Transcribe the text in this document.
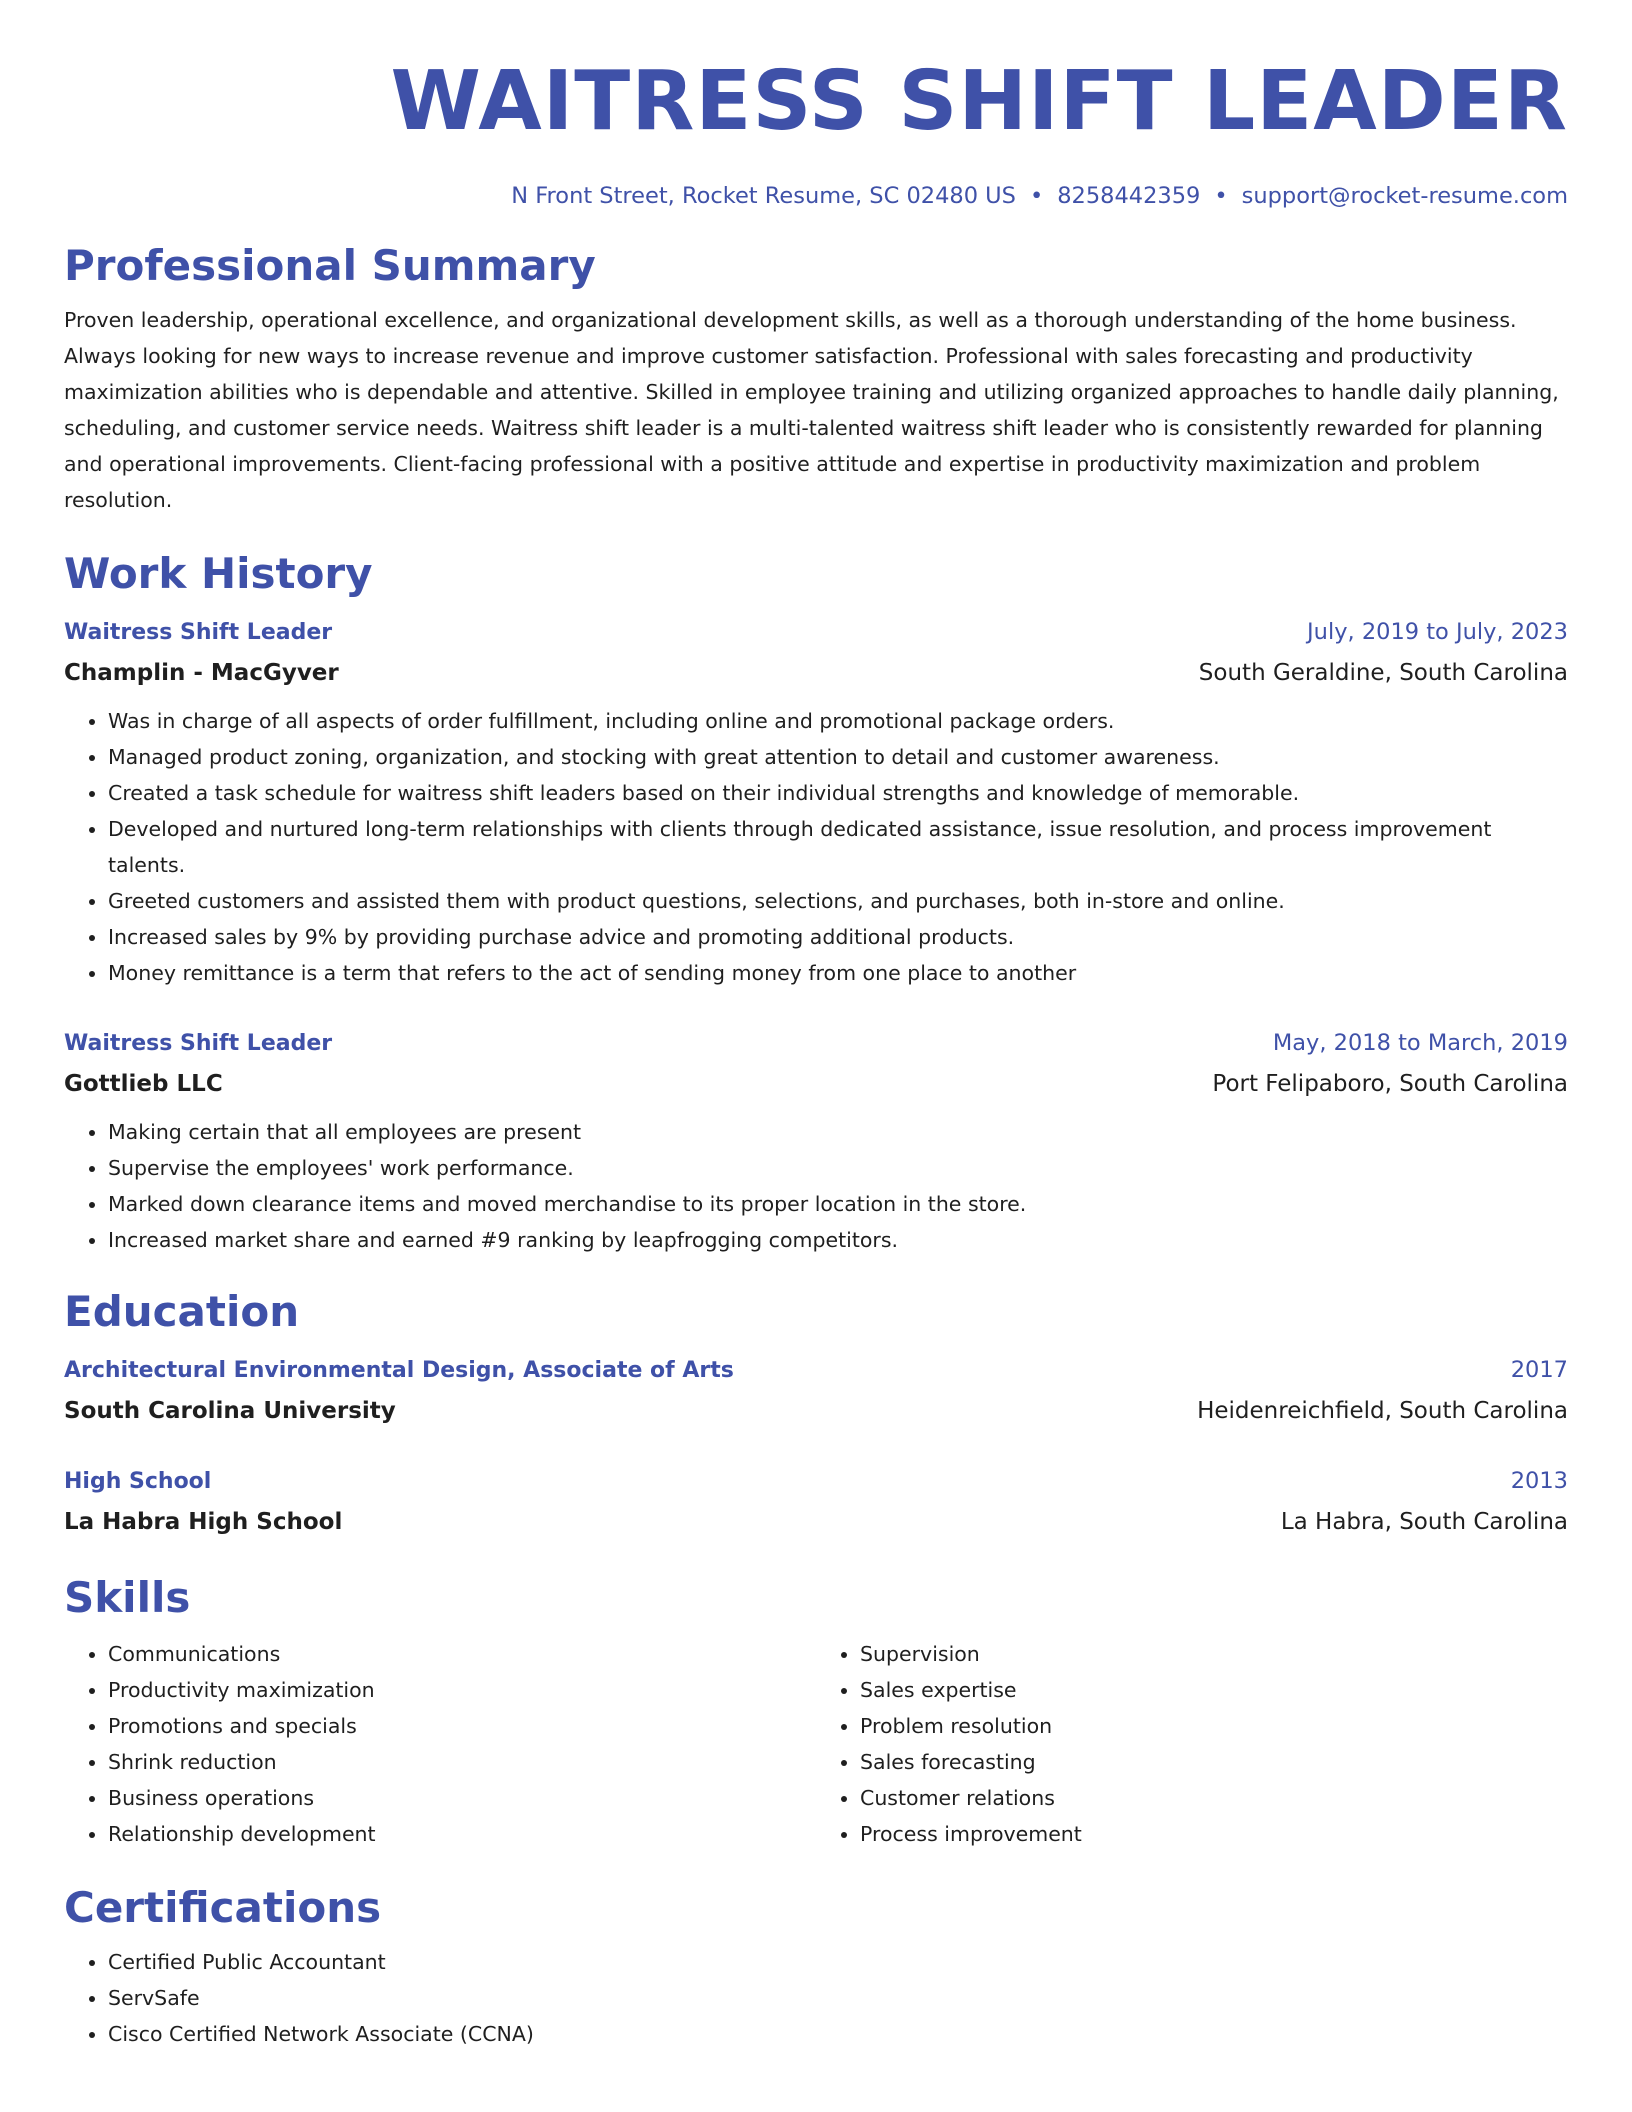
WAITRESS SHIFT LEADER
N Front Street, Rocket Resume, SC 02480 US • 8258442359 • support@rocket-resume.com
Professional Summary
Proven leadership, operational excellence, and organizational development skills, as well as a thorough understanding of the home business. Always looking for new ways to increase revenue and improve customer satisfaction. Professional with sales forecasting and productivity maximization abilities who is dependable and attentive. Skilled in employee training and utilizing organized approaches to handle daily planning, scheduling, and customer service needs. Waitress shift leader is a multi-talented waitress shift leader who is consistently rewarded for planning and operational improvements. Client-facing professional with a positive attitude and expertise in productivity maximization and problem resolution.
Work History
Waitress Shift Leader	July, 2019 to July, 2023
Champlin - MacGyver	South Geraldine, South Carolina
• Was in charge of all aspects of order fulfillment, including online and promotional package orders.
• Managed product zoning, organization, and stocking with great attention to detail and customer awareness.
• Created a task schedule for waitress shift leaders based on their individual strengths and knowledge of memorable.
• Developed and nurtured long-term relationships with clients through dedicated assistance, issue resolution, and process improvement talents.
• Greeted customers and assisted them with product questions, selections, and purchases, both in-store and online.
• Increased sales by 9% by providing purchase advice and promoting additional products.
• Money remittance is a term that refers to the act of sending money from one place to another
Waitress Shift Leader	May, 2018 to March, 2019
Gottlieb LLC	Port Felipaboro, South Carolina
• Making certain that all employees are present
• Supervise the employees' work performance.
• Marked down clearance items and moved merchandise to its proper location in the store.
• Increased market share and earned #9 ranking by leapfrogging competitors.
Education
Architectural Environmental Design, Associate of Arts	2017
South Carolina University	Heidenreichfield, South Carolina
High School	2013
La Habra High School	La Habra, South Carolina
Skills
• Communications
• Productivity maximization
• Promotions and specials
• Shrink reduction
• Business operations
• Relationship development
• Supervision
• Sales expertise
• Problem resolution
• Sales forecasting
• Customer relations
• Process improvement
Certifications
• Certified Public Accountant
• ServSafe
• Cisco Certified Network Associate (CCNA)
